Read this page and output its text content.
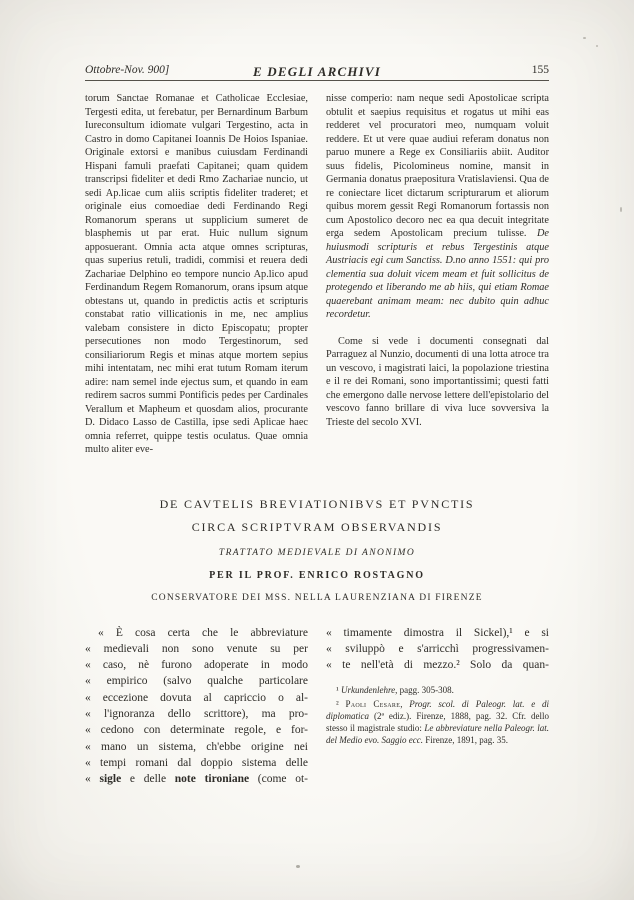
Ottobre-Nov. 900]	E DEGLI ARCHIVI	155

torum Sanctae Romanae et Catholicae Ecclesiae, Tergesti edita, ut ferebatur, per Bernardinum Barbum Iureconsultum idiomate vulgari Tergestino, acta in Castro in domo Capitanei Ioannis De Hoios Ispaniae. Originale extorsi e manibus cuiusdam Ferdinandi Hispani famuli praefati Capitanei; quam quidem transcripsi fideliter et dedi Rmo Zachariae nuncio, ut sedi Ap.licae cum aliis scriptis fideliter traderet; et originale eius comoediae dedi Ferdinando Regi Romanorum sperans ut supplicium sumeret de blasphemis ut par erat. Huic nullum signum apposuerant. Omnia acta atque omnes scripturas, quas superius retuli, tradidi, commisi et reuera dedi Zachariae Delphino eo tempore nuncio Ap.lico apud Ferdinandum Regem Romanorum, orans ipsum atque obtestans ut, quando in predictis actis et scripturis constabat ratio villicationis in me, nec amplius valebam consistere in dicto Episcopatu; propter persecutiones non modo Tergestinorum, sed consiliariorum Regis et minas atque mortem sepius mihi intentatam, nec mihi erat tutum Romam iterum adire: nam semel inde ejectus sum, et quando in eam redirem sacros summi Pontificis pedes per Cardinales Verallum et Mapheum et quosdam alios, procurante D. Didaco Lasso de Castilla, ipse sedi Aplicae haec omnia referret, quippe testis oculatus. Quae omnia multo aliter eve-

nisse comperio: nam neque sedi Apostolicae scripta obtulit et saepius requisitus et rogatus ut mihi eas redderet vel procuratori meo, numquam voluit reddere. Et ut vere quae audiui referam donatus non paruo munere a Rege ex Consiliariis abiit. Auditor suus fidelis, Picolomineus nomine, mansit in Germania donatus praepositura Vratislaviensi. Qua de re coniectare licet dictarum scripturarum et aliorum quibus morem gessit Regi Romanorum fortassis non cum Apostolico decoro nec ea qua decuit integritate erga sedem Apostolicam precium tulisse. De huiusmodi scripturis et rebus Tergestinis atque Austriacis egi cum Sanctiss. D.no anno 1551: qui pro clementia sua doluit vicem meam et fuit sollicitus de protegendo et liberando me ab hiis, qui etiam Romae quaerebant animam meam: nec dubito quin adhuc recordetur.

Come si vede i documenti consegnati dal Parraguez al Nunzio, documenti di una lotta atroce tra un vescovo, i magistrati laici, la popolazione triestina e il re dei Romani, sono importantissimi; questi fatti che emergono dalle nervose lettere dell'epistolario del vescovo fanno brillare di viva luce sovversiva la Trieste del secolo XVI.

DE CAVTELIS BREVIATIONIBVS ET PVNCTIS
CIRCA SCRIPTVRAM OBSERVANDIS
TRATTATO MEDIEVALE DI ANONIMO
PER IL PROF. ENRICO ROSTAGNO
CONSERVATORE DEI MSS. NELLA LAURENZIANA DI FIRENZE
« È cosa certa che le abbreviature
« medievali non sono venute su per
« caso, nè furono adoperate in modo
« empirico (salvo qualche particolare
« eccezione dovuta al capriccio o al-
« l'ignoranza dello scrittore), ma pro-
« cedono con determinate regole, e for-
« mano un sistema, ch'ebbe origine nei
« tempi romani dal doppio sistema delle
« sigle e delle note tironiane (come ot-
« timamente dimostra il Sickel),¹ e si
« sviluppò e s'arricchì progressivamen-
« te nell'età di mezzo.² Solo da quan-

¹ Urkundenlehre, pagg. 305-308.

² Paoli Cesare, Progr. scol. di Paleogr. lat. e di diplomatica (2ª ediz.). Firenze, 1888, pag. 32. Cfr. dello stesso il magistrale studio: Le abbreviature nella Paleogr. lat. del Medio evo. Saggio ecc. Firenze, 1891, pag. 35.
